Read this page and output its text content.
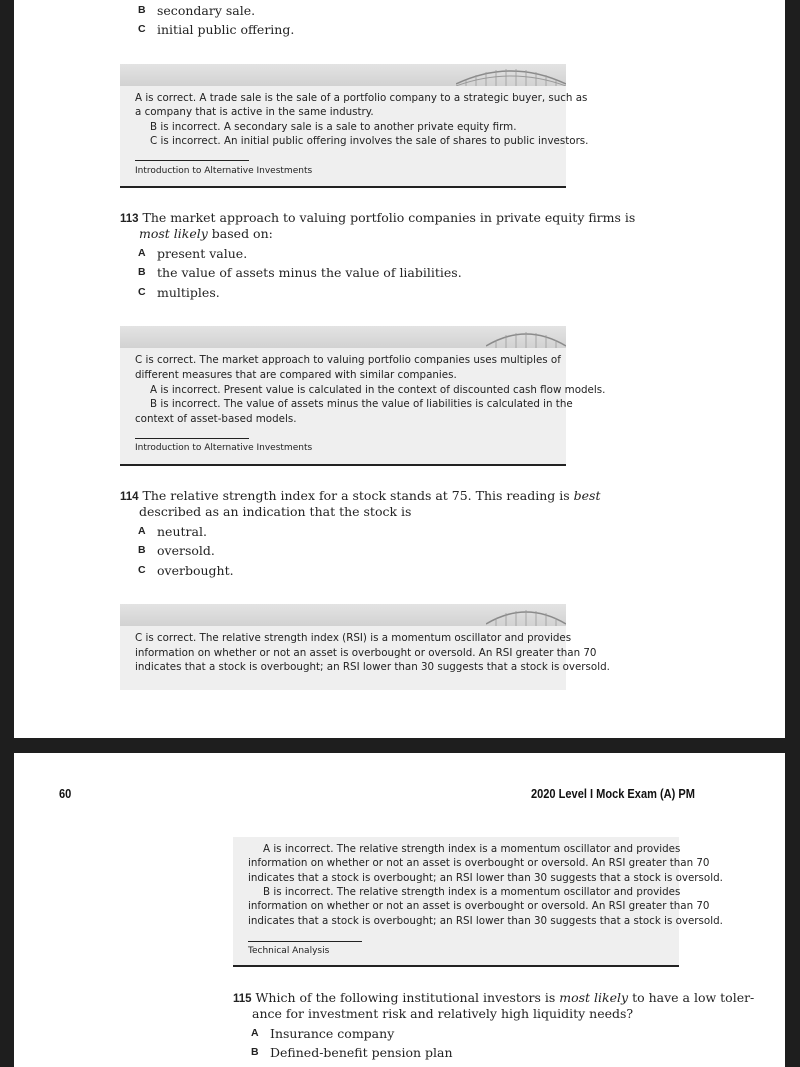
B secondary sale.
C initial public offering.
A is correct. A trade sale is the sale of a portfolio company to a strategic buyer, such as
a company that is active in the same industry.
B is incorrect. A secondary sale is a sale to another private equity firm.
C is incorrect. An initial public offering involves the sale of shares to public investors.
Introduction to Alternative Investments
113 The market approach to valuing portfolio companies in private equity firms is
most likely based on:
A present value.
B the value of assets minus the value of liabilities.
C multiples.
C is correct. The market approach to valuing portfolio companies uses multiples of
different measures that are compared with similar companies.
A is incorrect. Present value is calculated in the context of discounted cash flow models.
B is incorrect. The value of assets minus the value of liabilities is calculated in the
context of asset-based models.
Introduction to Alternative Investments
114 The relative strength index for a stock stands at 75. This reading is best
described as an indication that the stock is
A neutral.
B oversold.
C overbought.
C is correct. The relative strength index (RSI) is a momentum oscillator and provides
information on whether or not an asset is overbought or oversold. An RSI greater than 70
indicates that a stock is overbought; an RSI lower than 30 suggests that a stock is oversold.
60	2020 Level I Mock Exam (A) PM
A is incorrect. The relative strength index is a momentum oscillator and provides
information on whether or not an asset is overbought or oversold. An RSI greater than 70
indicates that a stock is overbought; an RSI lower than 30 suggests that a stock is oversold.
B is incorrect. The relative strength index is a momentum oscillator and provides
information on whether or not an asset is overbought or oversold. An RSI greater than 70
indicates that a stock is overbought; an RSI lower than 30 suggests that a stock is oversold.
Technical Analysis
115 Which of the following institutional investors is most likely to have a low toler-
ance for investment risk and relatively high liquidity needs?
A Insurance company
B Defined-benefit pension plan
